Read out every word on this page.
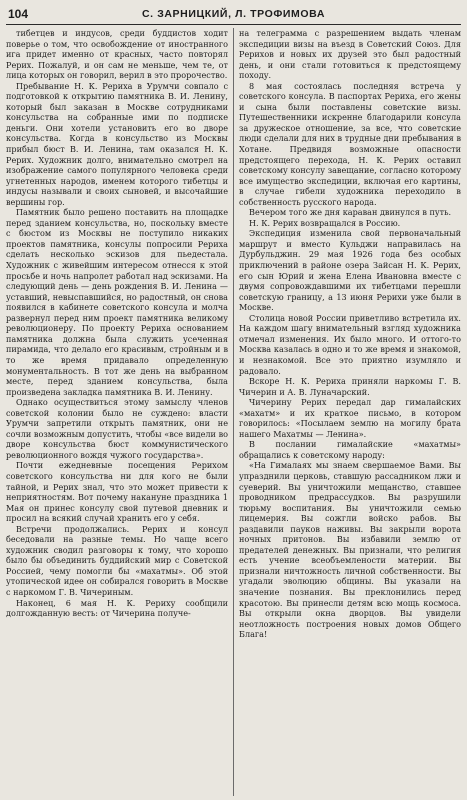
104	С. ЗАРНИЦКИЙ, Л. ТРОФИМОВА

тибетцев и индусов, среди буддистов ходит поверье о том, что освобождение от иностранного ига придет именно от красных, часто повторял Рерих. Пожалуй, и он сам не меньше, чем те, от лица которых он говорил, верил в это пророчество.

Пребывание Н. К. Рериха в Урумчи совпало с подготовкой к открытию памятника В. И. Ленину, который был заказан в Москве сотрудниками консульства на собранные ими по подписке деньги. Они хотели установить его во дворе консульства. Когда в консульство из Москвы прибыл бюст В. И. Ленина, там оказался Н. К. Рерих. Художник долго, внимательно смотрел на изображение самого популярного человека среди угнетенных народов, именем которого тибетцы и индусы называли и своих сыновей, и высочайшие вершины гор.

Памятник было решено поставить на площадке перед зданием консульства, но, поскольку вместе с бюстом из Москвы не поступило никаких проектов памятника, консулы попросили Рериха сделать несколько эскизов для пьедестала. Художник с живейшим интересом отнесся к этой просьбе и ночь напролет работал над эскизами. На следующий день — день рождения В. И. Ленина — уставший, невыспавшийся, но радостный, он снова появился в кабинете советского консула и молча развернул перед ним проект памятника великому революционеру. По проекту Рериха основанием памятника должна была служить усеченная пирамида, что делало его красивым, стройным и в то же время придавало определенную монументальность. В тот же день на выбранном месте, перед зданием консульства, была произведена закладка памятника В. И. Ленину.

Однако осуществиться этому замыслу членов советской колонии было не суждено: власти Урумчи запретили открыть памятник, они не сочли возможным допустить, чтобы «все видели во дворе консульства бюст коммунистического революционного вождя чужого государства».

Почти ежедневные посещения Рерихом советского консульства ни для кого не были тайной, и Рерих знал, что это может привести к неприятностям. Вот почему накануне праздника 1 Мая он принес консулу свой путевой дневник и просил на всякий случай хранить его у себя.

Встречи продолжались. Рерих и консул беседовали на разные темы. Но чаще всего художник сводил разговоры к тому, что хорошо было бы объединить буддийский мир с Советской Россией, чему помогли бы «махатмы». Об этой утопической идее он собирался говорить в Москве с наркомом Г. В. Чичериным.

Наконец, 6 мая Н. К. Рериху сообщили долгожданную весть: от Чичерина получе-

на телеграмма с разрешением выдать членам экспедиции визы на въезд в Советский Союз. Для Рерихов и новых их друзей это был радостный день, и они стали готовиться к предстоящему походу.

8 мая состоялась последняя встреча у советского консула. В паспортах Рериха, его жены и сына были поставлены советские визы. Путешественники искренне благодарили консула за дружеское отношение, за все, что советские люди сделали для них в трудные дни пребывания в Хотане. Предвидя возможные опасности предстоящего перехода, Н. К. Рерих оставил советскому консулу завещание, согласно которому все имущество экспедиции, включая его картины, в случае гибели художника переходило в собственность русского народа.

Вечером того же дня караван двинулся в путь.

Н. К. Рерих возвращался в Россию.

Экспедиция изменила свой первоначальный маршрут и вместо Кульджи направилась на Дурбульджин. 29 мая 1926 года без особых приключений в районе озера Зайсан Н. К. Рерих, его сын Юрий и жена Елена Ивановна вместе с двумя сопровождавшими их тибетцами перешли советскую границу, а 13 июня Рерихи уже были в Москве.

Столица новой России приветливо встретила их. На каждом шагу внимательный взгляд художника отмечал изменения. Их было много. И оттого-то Москва казалась в одно и то же время и знакомой, и незнакомой. Все это приятно изумляло и радовало.

Вскоре Н. К. Рериха приняли наркомы Г. В. Чичерин и А. В. Луначарский.

Чичерину Рерих передал дар гималайских «махатм» и их краткое письмо, в котором говорилось: «Посылаем землю на могилу брата нашего Махатмы — Ленина».

В послании гималайские «махатмы» обращались к советскому народу:

«На Гималаях мы знаем свершаемое Вами. Вы упразднили церковь, ставшую рассадником лжи и суеверий. Вы уничтожили мещанство, ставшее проводником предрассудков. Вы разрушили тюрьму воспитания. Вы уничтожили семью лицемерия. Вы сожгли войско рабов. Вы раздавили пауков наживы. Вы закрыли ворота ночных притонов. Вы избавили землю от предателей денежных. Вы признали, что религия есть учение всеобъемлености материи. Вы признали ничтожность личной собственности. Вы угадали эволюцию общины. Вы указали на значение познания. Вы преклонились перед красотою. Вы принесли детям всю мощь космоса. Вы открыли окна дворцов. Вы увидели неотложность построения новых домов Общего Блага!
